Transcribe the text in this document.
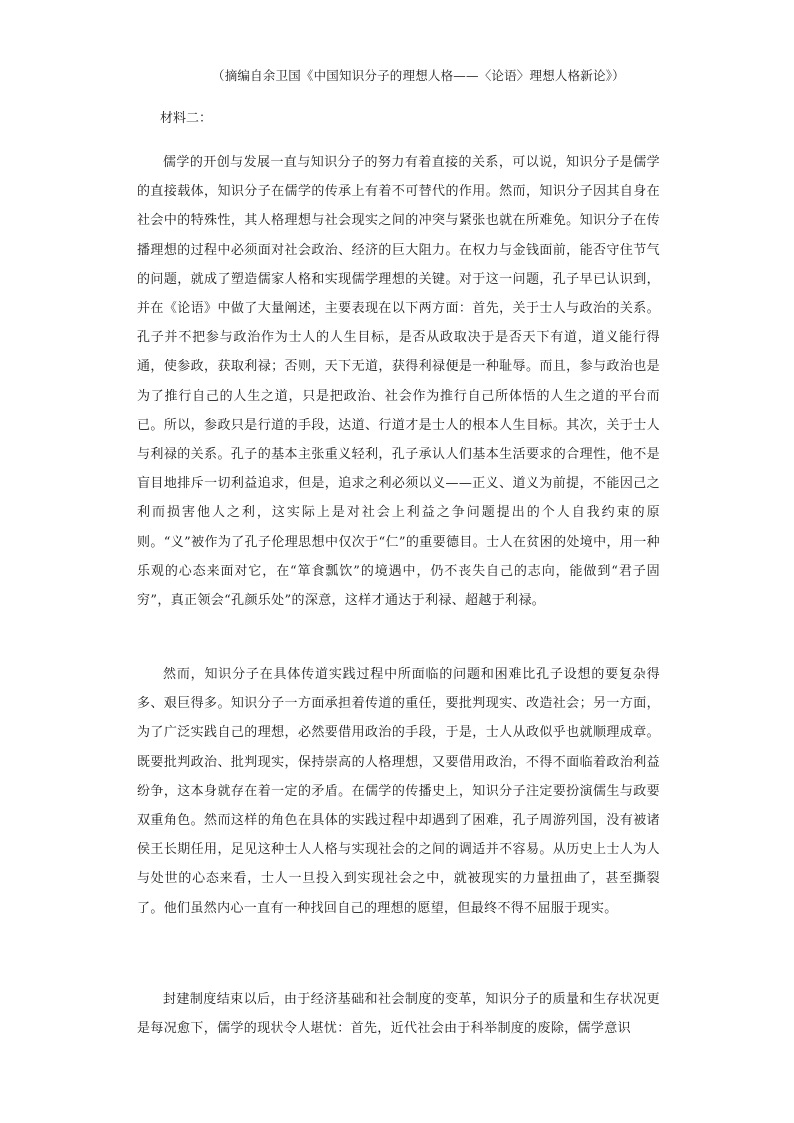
（摘编自余卫国《中国知识分子的理想人格——〈论语〉理想人格新论》）
材料二：

儒学的开创与发展一直与知识分子的努力有着直接的关系，可以说，知识分子是儒学的直接载体，知识分子在儒学的传承上有着不可替代的作用。然而，知识分子因其自身在社会中的特殊性，其人格理想与社会现实之间的冲突与紧张也就在所难免。知识分子在传播理想的过程中必须面对社会政治、经济的巨大阻力。在权力与金钱面前，能否守住节气的问题，就成了塑造儒家人格和实现儒学理想的关键。对于这一问题，孔子早已认识到，并在《论语》中做了大量阐述，主要表现在以下两方面：首先，关于士人与政治的关系。孔子并不把参与政治作为士人的人生目标，是否从政取决于是否天下有道，道义能行得通，使参政，获取利禄；否则，天下无道，获得利禄便是一种耻辱。而且，参与政治也是为了推行自己的人生之道，只是把政治、社会作为推行自己所体悟的人生之道的平台而已。所以，参政只是行道的手段，达道、行道才是士人的根本人生目标。其次，关于士人与利禄的关系。孔子的基本主张重义轻利，孔子承认人们基本生活要求的合理性，他不是盲目地排斥一切利益追求，但是，追求之利必须以义——正义、道义为前提，不能因己之利而损害他人之利，这实际上是对社会上利益之争问题提出的个人自我约束的原则。“义”被作为了孔子伦理思想中仅次于“仁”的重要德目。士人在贫困的处境中，用一种乐观的心态来面对它，在“箪食瓢饮”的境遇中，仍不丧失自己的志向，能做到“君子固穷”，真正领会“孔颜乐处”的深意，这样才通达于利禄、超越于利禄。

然而，知识分子在具体传道实践过程中所面临的问题和困难比孔子设想的要复杂得多、艰巨得多。知识分子一方面承担着传道的重任，要批判现实、改造社会；另一方面，为了广泛实践自己的理想，必然要借用政治的手段，于是，士人从政似乎也就顺理成章。既要批判政治、批判现实，保持崇高的人格理想，又要借用政治，不得不面临着政治利益纷争，这本身就存在着一定的矛盾。在儒学的传播史上，知识分子注定要扮演儒生与政要双重角色。然而这样的角色在具体的实践过程中却遇到了困难，孔子周游列国，没有被诸侯王长期任用，足见这种士人人格与实现社会的之间的调适并不容易。从历史上士人为人与处世的心态来看，士人一旦投入到实现社会之中，就被现实的力量扭曲了，甚至撕裂了。他们虽然内心一直有一种找回自己的理想的愿望，但最终不得不屈服于现实。

封建制度结束以后，由于经济基础和社会制度的变革，知识分子的质量和生存状况更是每况愈下，儒学的现状令人堪忧：首先，近代社会由于科举制度的废除，儒学意识
